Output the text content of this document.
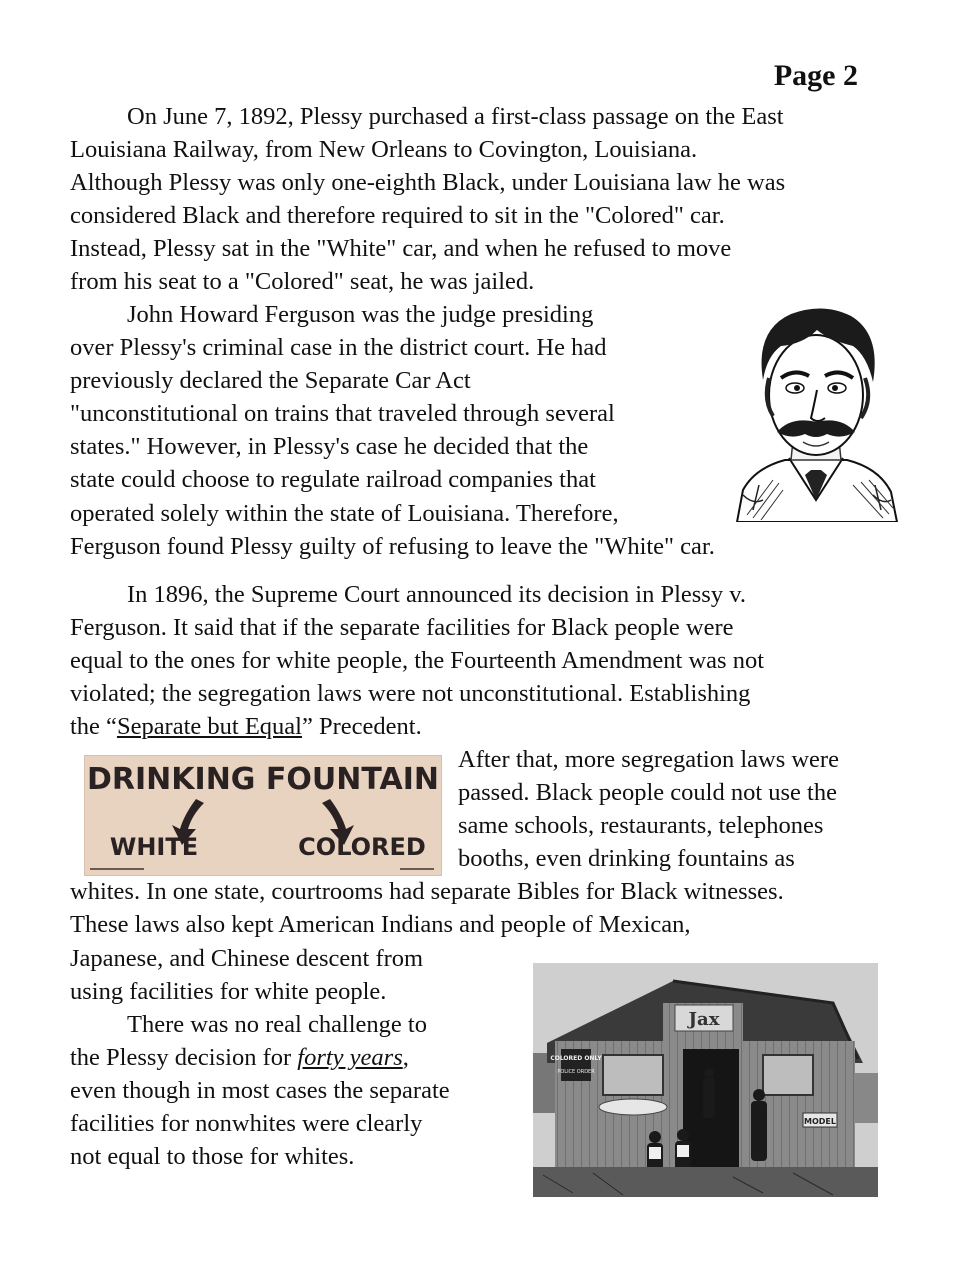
Page 2

On June 7, 1892, Plessy purchased a first-class passage on the East
Louisiana Railway, from New Orleans to Covington, Louisiana.
Although Plessy was only one-eighth Black, under Louisiana law he was
considered Black and therefore required to sit in the "Colored" car.
Instead, Plessy sat in the "White" car, and when he refused to move
from his seat to a "Colored" seat, he was jailed.

John Howard Ferguson was the judge presiding
over Plessy's criminal case in the district court. He had
previously declared the Separate Car Act
"unconstitutional on trains that traveled through several
states." However, in Plessy's case he decided that the
state could choose to regulate railroad companies that
operated solely within the state of Louisiana. Therefore,
Ferguson found Plessy guilty of refusing to leave the "White" car.

In 1896, the Supreme Court announced its decision in Plessy v.
Ferguson. It said that if the separate facilities for Black people were
equal to the ones for white people, the Fourteenth Amendment was not
violated; the segregation laws were not unconstitutional. Establishing
the “Separate but Equal” Precedent.

DRINKING FOUNTAIN
WHITE	COLORED

After that, more segregation laws were
passed. Black people could not use the
same schools, restaurants, telephones
booths, even drinking fountains as
whites. In one state, courtrooms had separate Bibles for Black witnesses.
These laws also kept American Indians and people of Mexican,
Japanese, and Chinese descent from
using facilities for white people.

There was no real challenge to
the Plessy decision for forty years,
even though in most cases the separate
facilities for nonwhites were clearly
not equal to those for whites.

Jax
COLORED ONLY
POLICE ORDER
MODEL
